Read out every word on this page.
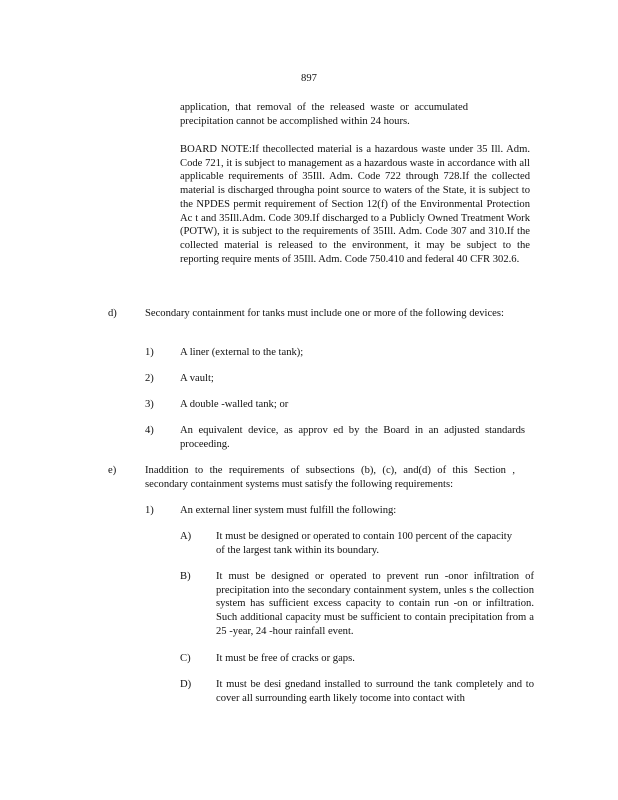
897

application, that removal of the released waste or accumulated precipitation cannot be accomplished within 24 hours.

BOARD NOTE:If thecollected material is a hazardous waste under 35 Ill. Adm. Code 721, it is subject to management as a hazardous waste in accordance with all applicable requirements of 35Ill. Adm. Code 722 through 728.If the collected material is discharged througha point source to waters of the State, it is subject to the NPDES permit requirement of Section 12(f) of the Environmental Protection Ac t and 35Ill.Adm. Code 309.If discharged to a Publicly Owned Treatment Work (POTW), it is subject to the requirements of 35Ill. Adm. Code 307 and 310.If the collected material is released to the environment, it may be subject to the reporting require ments of 35Ill. Adm. Code 750.410 and federal 40 CFR 302.6.

d)	Secondary containment for tanks must include one or more of the following devices:

1) A liner (external to the tank);

2) A vault;

3) A double -walled tank; or

4) An equivalent device, as approv ed by the Board in an adjusted standards proceeding.

e)	Inaddition to the requirements of subsections (b), (c), and(d) of this Section , secondary containment systems must satisfy the following requirements:

1) An external liner system must fulfill the following:

A) It must be designed or operated to contain 100 percent of the capacity of the largest tank within its boundary.

B) It must be designed or operated to prevent run -onor infiltration of precipitation into the secondary containment system, unles s the collection system has sufficient excess capacity to contain run -on or infiltration. Such additional capacity must be sufficient to contain precipitation from a 25 -year, 24 -hour rainfall event.

C) It must be free of cracks or gaps.

D) It must be desi gnedand installed to surround the tank completely and to cover all surrounding earth likely tocome into contact with
